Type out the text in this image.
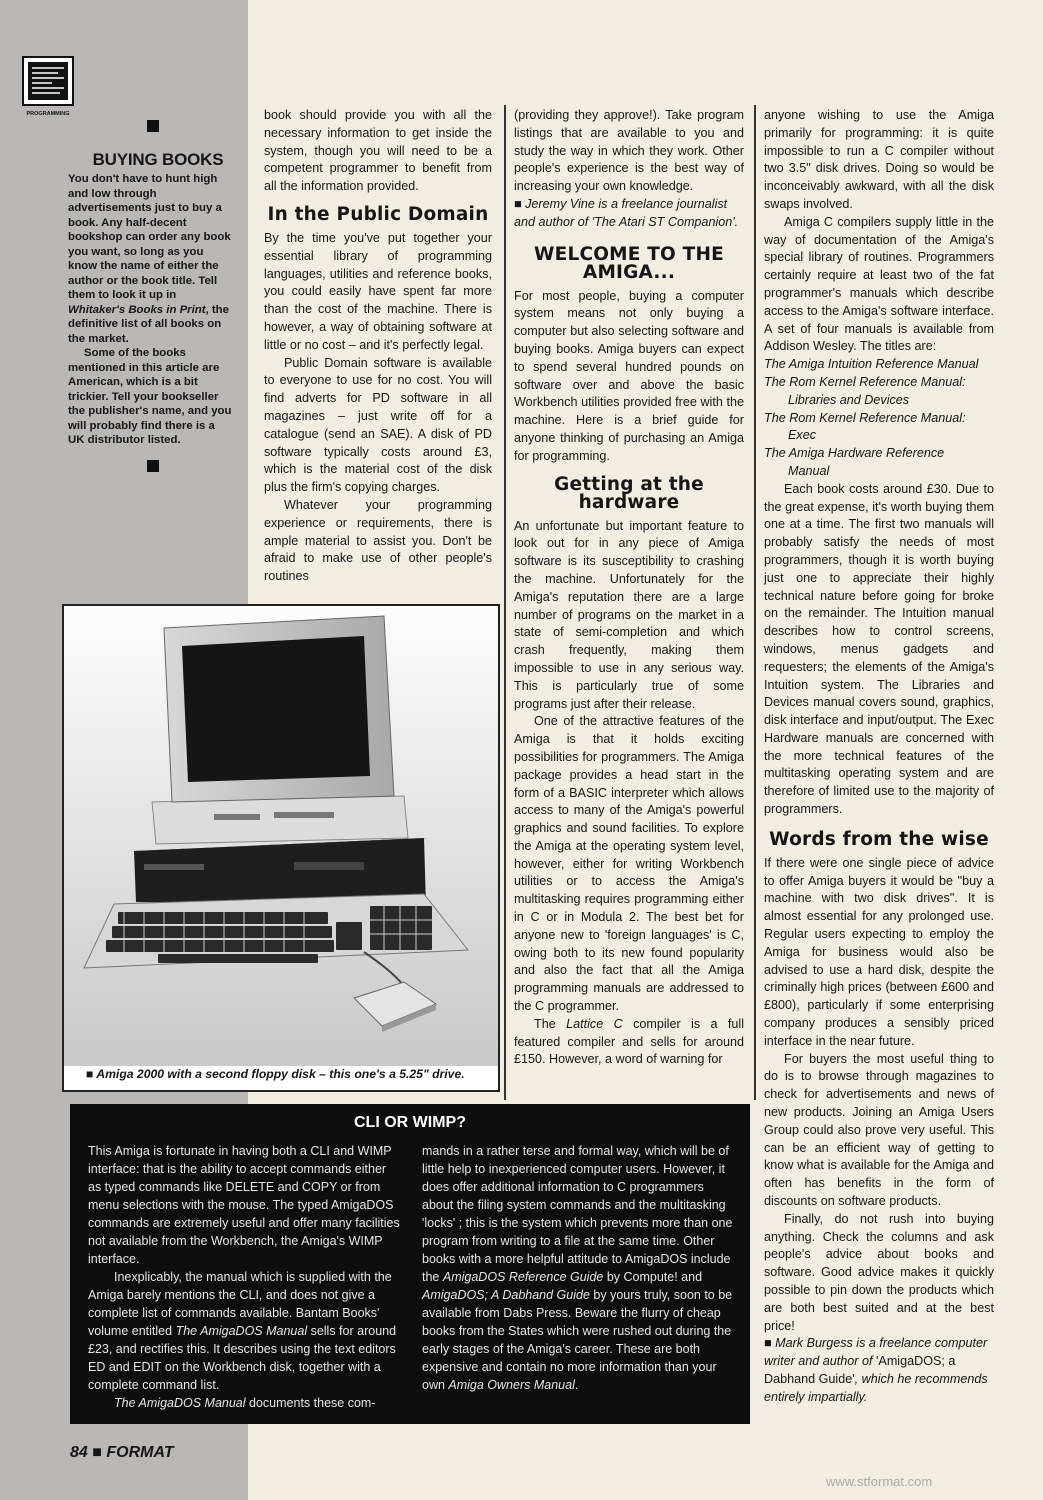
PROGRAMMING
BUYING BOOKS

You don't have to hunt high and low through advertisements just to buy a book. Any half-decent bookshop can order any book you want, so long as you know the name of either the author or the book title. Tell them to look it up in Whitaker's Books in Print, the definitive list of all books on the market.

Some of the books mentioned in this article are American, which is a bit trickier. Tell your bookseller the publisher's name, and you will probably find there is a UK distributor listed.

book should provide you with all the necessary information to get inside the system, though you will need to be a competent programmer to benefit from all the information provided.

In the Public Domain

By the time you've put together your essential library of programming languages, utilities and reference books, you could easily have spent far more than the cost of the machine. There is however, a way of obtaining software at little or no cost – and it's perfectly legal.

Public Domain software is available to everyone to use for no cost. You will find adverts for PD software in all magazines – just write off for a catalogue (send an SAE). A disk of PD software typically costs around £3, which is the material cost of the disk plus the firm's copying charges.

Whatever your programming experience or requirements, there is ample material to assist you. Don't be afraid to make use of other people's routines

(providing they approve!). Take program listings that are available to you and study the way in which they work. Other people's experience is the best way of increasing your own knowledge.

■ Jeremy Vine is a freelance journalist and author of 'The Atari ST Companion'.

WELCOME TO THE AMIGA...

For most people, buying a computer system means not only buying a computer but also selecting software and buying books. Amiga buyers can expect to spend several hundred pounds on software over and above the basic Workbench utilities provided free with the machine. Here is a brief guide for anyone thinking of purchasing an Amiga for programming.

Getting at the hardware

An unfortunate but important feature to look out for in any piece of Amiga software is its susceptibility to crashing the machine. Unfortunately for the Amiga's reputation there are a large number of programs on the market in a state of semi-completion and which crash frequently, making them impossible to use in any serious way. This is particularly true of some programs just after their release.

One of the attractive features of the Amiga is that it holds exciting possibilities for programmers. The Amiga package provides a head start in the form of a BASIC interpreter which allows access to many of the Amiga's powerful graphics and sound facilities. To explore the Amiga at the operating system level, however, either for writing Workbench utilities or to access the Amiga's multitasking requires programming either in C or in Modula 2. The best bet for anyone new to 'foreign languages' is C, owing both to its new found popularity and also the fact that all the Amiga programming manuals are addressed to the C programmer.

The Lattice C compiler is a full featured compiler and sells for around £150. However, a word of warning for

anyone wishing to use the Amiga primarily for programming: it is quite impossible to run a C compiler without two 3.5" disk drives. Doing so would be inconceivably awkward, with all the disk swaps involved.

Amiga C compilers supply little in the way of documentation of the Amiga's special library of routines. Programmers certainly require at least two of the fat programmer's manuals which describe access to the Amiga's software interface. A set of four manuals is available from Addison Wesley. The titles are:

The Amiga Intuition Reference Manual
The Rom Kernel Reference Manual:
Libraries and Devices
The Rom Kernel Reference Manual:
Exec
The Amiga Hardware Reference
Manual

Each book costs around £30. Due to the great expense, it's worth buying them one at a time. The first two manuals will probably satisfy the needs of most programmers, though it is worth buying just one to appreciate their highly technical nature before going for broke on the remainder. The Intuition manual describes how to control screens, windows, menus gadgets and requesters; the elements of the Amiga's Intuition system. The Libraries and Devices manual covers sound, graphics, disk interface and input/output. The Exec Hardware manuals are concerned with the more technical features of the multitasking operating system and are therefore of limited use to the majority of programmers.

Words from the wise

If there were one single piece of advice to offer Amiga buyers it would be "buy a machine with two disk drives". It is almost essential for any prolonged use. Regular users expecting to employ the Amiga for business would also be advised to use a hard disk, despite the criminally high prices (between £600 and £800), particularly if some enterprising company produces a sensibly priced interface in the near future.

For buyers the most useful thing to do is to browse through magazines to check for advertisements and news of new products. Joining an Amiga Users Group could also prove very useful. This can be an efficient way of getting to know what is available for the Amiga and often has benefits in the form of discounts on software products.

Finally, do not rush into buying anything. Check the columns and ask people's advice about books and software. Good advice makes it quickly possible to pin down the products which are both best suited and at the best price!

■ Mark Burgess is a freelance computer writer and author of 'AmigaDOS; a Dabhand Guide', which he recommends entirely impartially.

■ Amiga 2000 with a second floppy disk – this one's a 5.25" drive.
CLI OR WIMP?

This Amiga is fortunate in having both a CLI and WIMP interface: that is the ability to accept commands either as typed commands like DELETE and COPY or from menu selections with the mouse. The typed AmigaDOS commands are extremely useful and offer many facilities not available from the Workbench, the Amiga's WIMP interface.

Inexplicably, the manual which is supplied with the Amiga barely mentions the CLI, and does not give a complete list of commands available. Bantam Books' volume entitled The AmigaDOS Manual sells for around £23, and rectifies this. It describes using the text editors ED and EDIT on the Workbench disk, together with a complete command list.

The AmigaDOS Manual documents these com-

mands in a rather terse and formal way, which will be of little help to inexperienced computer users. However, it does offer additional information to C programmers about the filing system commands and the multitasking 'locks' ; this is the system which prevents more than one program from writing to a file at the same time. Other books with a more helpful attitude to AmigaDOS include the AmigaDOS Reference Guide by Compute! and AmigaDOS; A Dabhand Guide by yours truly, soon to be available from Dabs Press. Beware the flurry of cheap books from the States which were rushed out during the early stages of the Amiga's career. These are both expensive and contain no more information than your own Amiga Owners Manual.

84 ■ FORMAT
www.stformat.com
